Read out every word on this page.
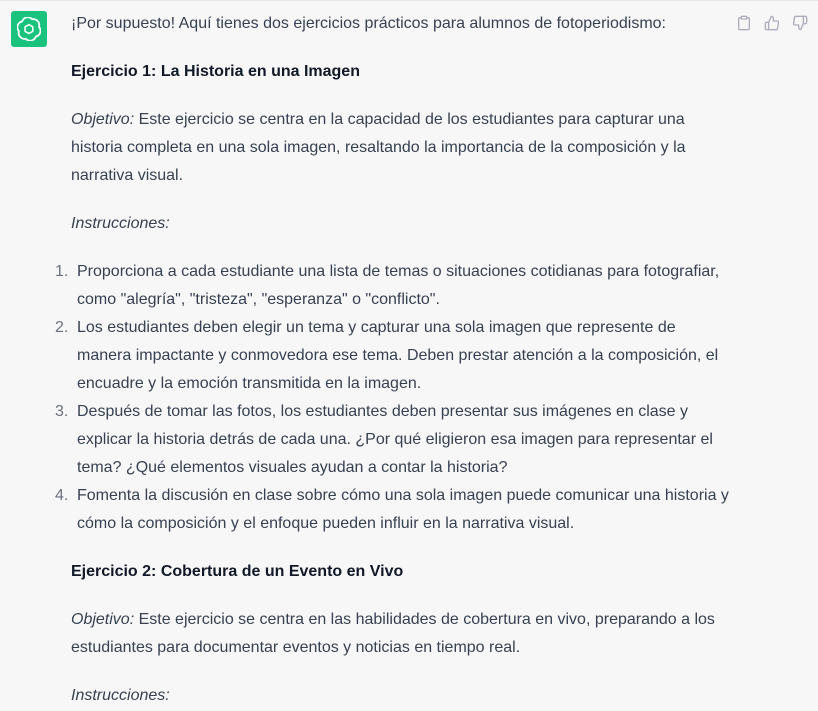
¡Por supuesto! Aquí tienes dos ejercicios prácticos para alumnos de fotoperiodismo:

Ejercicio 1: La Historia en una Imagen

Objetivo: Este ejercicio se centra en la capacidad de los estudiantes para capturar una historia completa en una sola imagen, resaltando la importancia de la composición y la narrativa visual.

Instrucciones:

1. Proporciona a cada estudiante una lista de temas o situaciones cotidianas para fotografiar, como "alegría", "tristeza", "esperanza" o "conflicto".
2. Los estudiantes deben elegir un tema y capturar una sola imagen que represente de manera impactante y conmovedora ese tema. Deben prestar atención a la composición, el encuadre y la emoción transmitida en la imagen.
3. Después de tomar las fotos, los estudiantes deben presentar sus imágenes en clase y explicar la historia detrás de cada una. ¿Por qué eligieron esa imagen para representar el tema? ¿Qué elementos visuales ayudan a contar la historia?
4. Fomenta la discusión en clase sobre cómo una sola imagen puede comunicar una historia y cómo la composición y el enfoque pueden influir en la narrativa visual.

Ejercicio 2: Cobertura de un Evento en Vivo

Objetivo: Este ejercicio se centra en las habilidades de cobertura en vivo, preparando a los estudiantes para documentar eventos y noticias en tiempo real.

Instrucciones:
